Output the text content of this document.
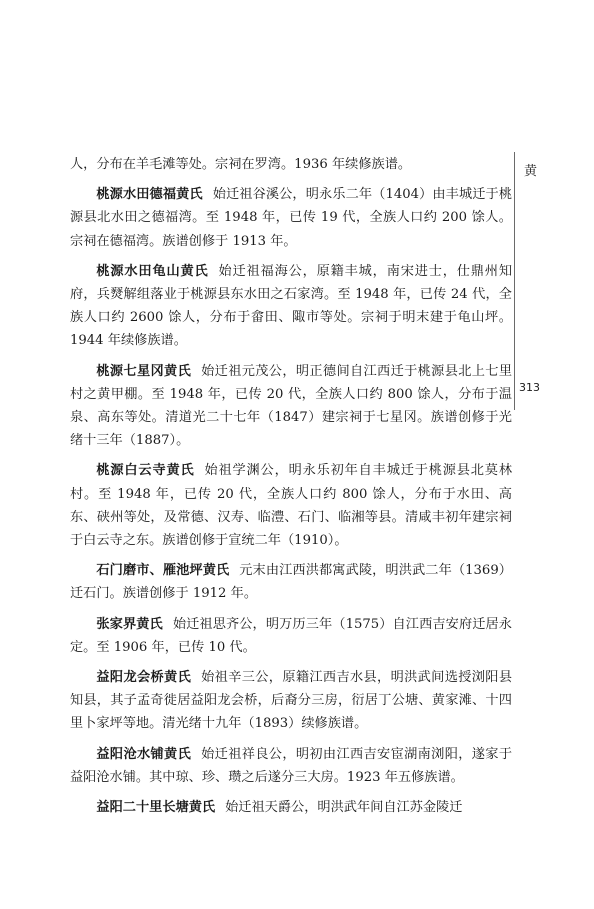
人，分布在羊毛滩等处。宗祠在罗湾。1936 年续修族谱。

桃源水田德福黄氏 始迁祖谷溪公，明永乐二年（1404）由丰城迁于桃源县北水田之德福湾。至 1948 年，已传 19 代，全族人口约 200 馀人。宗祠在德福湾。族谱创修于 1913 年。

桃源水田龟山黄氏 始迁祖福海公，原籍丰城，南宋进士，仕鼎州知府，兵燹解组落业于桃源县东水田之石家湾。至 1948 年，已传 24 代，全族人口约 2600 馀人，分布于畲田、陬市等处。宗祠于明末建于龟山坪。1944 年续修族谱。

桃源七星冈黄氏 始迁祖元茂公，明正德间自江西迁于桃源县北上七里村之黄甲棚。至 1948 年，已传 20 代，全族人口约 800 馀人，分布于温泉、高东等处。清道光二十七年（1847）建宗祠于七星冈。族谱创修于光绪十三年（1887）。

桃源白云寺黄氏 始祖学渊公，明永乐初年自丰城迁于桃源县北莫林村。至 1948 年，已传 20 代，全族人口约 800 馀人，分布于水田、高东、硖州等处，及常德、汉寿、临澧、石门、临湘等县。清咸丰初年建宗祠于白云寺之东。族谱创修于宣统二年（1910）。

石门磨市、雁池坪黄氏 元末由江西洪都寓武陵，明洪武二年（1369）迁石门。族谱创修于 1912 年。

张家界黄氏 始迁祖思齐公，明万历三年（1575）自江西吉安府迁居永定。至 1906 年，已传 10 代。

益阳龙会桥黄氏 始祖辛三公，原籍江西吉水县，明洪武间选授浏阳县知县，其子孟奇徙居益阳龙会桥，后裔分三房，衍居丁公塘、黄家滩、十四里卜家坪等地。清光绪十九年（1893）续修族谱。

益阳沧水铺黄氏 始迁祖祥良公，明初由江西吉安宦湖南浏阳，遂家于益阳沧水铺。其中琼、珍、瓒之后遂分三大房。1923 年五修族谱。

益阳二十里长塘黄氏 始迁祖天爵公，明洪武年间自江苏金陵迁

黄
313
